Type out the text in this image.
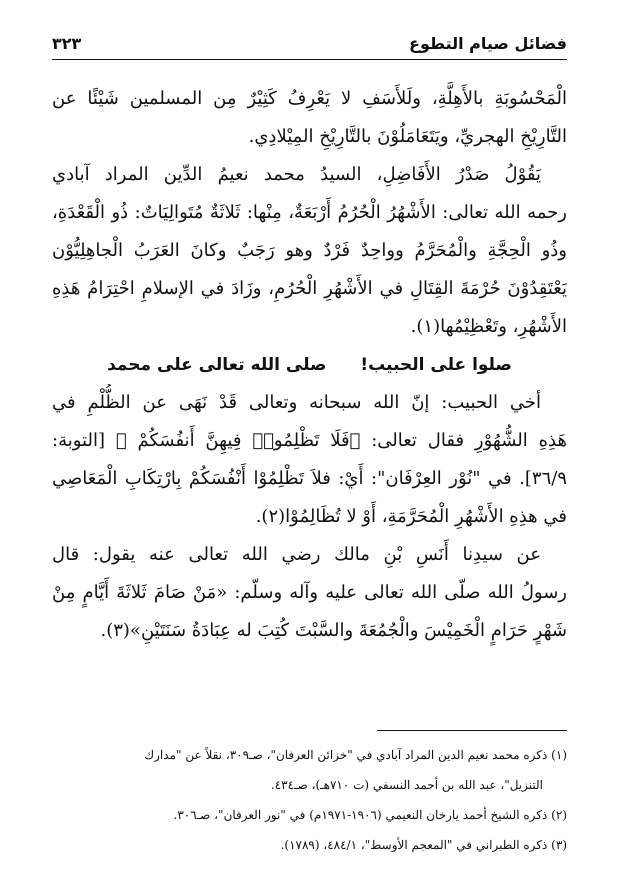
فضائل صيام التطوع
٣٢٣
الْمَحْسُوبَةِ بالأَهِلَّةِ، ولَلأَسَفِ لا يَعْرِفُ كَثِيْرٌ مِن المسلمين شَيْئًا عن
التَّارِيْخِ الهجريِّ، ويَتَعَامَلُوْنَ بالتَّارِيْخِ المِيْلادِي.
يَقُوْلُ صَدْرُ الأَفَاضِلِ، السيدُ محمد نعيمُ الدِّين المراد آبادي
رحمه الله تعالى: الأَشْهُرُ الْحُرُمُ أَرْبَعَةٌ، مِنْها: ثَلاثَةٌ مُتَوالِيَاتٌ: ذُو الْقَعْدَةِ،
وذُو الْحِجَّةِ والْمُحَرَّمُ وواحِدٌ فَرْدٌ وهو رَجَبٌ وكانَ العَرَبُ الْجاهِلِيُّوْن
يَعْتَقِدُوْنَ حُرْمَةَ القِتَالِ في الأَشْهُرِ الْحُرُمِ، وزَادَ في الإسلامِ احْتِرَامُ هَذِهِ
الأَشْهُرِ، وتَعْظِيْمُها(١).
صلوا على الحبيب! صلى الله تعالى على محمد
أخي الحبيب: إنّ الله سبحانه وتعالى قَدْ نَهَى عن الظُّلْمِ في
هَذِهِ الشُّهُوْرِ فقال تعالى: ﴿فَلَا تَظْلِمُوا۟ فِيهِنَّ أَنفُسَكُمْ ﴾ [التوبة:
٣٦/٩]. في "نُوْر العِرْفَان": أَيْ: فلاَ تَظْلِمُوْا أَنْفُسَكُمْ بِارْتِكَابِ الْمَعَاصِي
في هذِهِ الأَشْهُرِ الْمُحَرَّمَةِ، أَوْ لا تُظَالِمُوْا(٢).
عن سيدِنا أَنَسِ بْنِ مالك رضي الله تعالى عنه يقول: قال
رسولُ الله صلّى الله تعالى عليه وآله وسلّم: «مَنْ صَامَ ثَلاثَةَ أَيَّامٍ مِنْ
شَهْرٍ حَرَامٍ الْخَمِيْسَ والْجُمُعَةَ والسَّبْتَ كُتِبَ له عِبَادَةُ سَنَتَيْنِ»(٣).
(١) ذكره محمد نعيم الدين المراد آبادي في "خزائن العرفان"، صـ٣٠٩، نقلاً عن "مدارك
التنزيل"، عبد الله بن أحمد النسفي (ت ٧١٠هـ)، صـ٤٣٤.
(٢) ذكره الشيخ أحمد يارخان النعيمي (١٩٠٦-١٩٧١م) في "نور العرفان"، صـ٣٠٦.
(٣) ذكره الطبراني في "المعجم الأوسط"، ٤٨٤/١، (١٧٨٩).
